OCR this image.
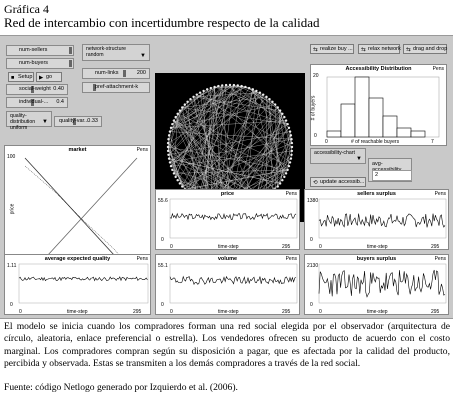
Gráfica 4
Red de intercambio con incertidumbre respecto de la calidad
num-sellers
num-buyers
social-weight 0.40
individual-... 0.4
■ Setup ▶ go
quality-distribution
uniform
▼ quality-var...
0.33
network-structure
random	▼
num-links	200
pref-attachment-k
market	Pens
100
price
⇆ realize buy ... ⇆ relax network ⇆ drag and drop
Accessibility Distribution	Pens
20
0
0	7
# of reachable buyers
# of buyers
accessibility-chart
▼
⟲ update accessib...
avg-
2
price	Pens
55.6
0
0	295
time-step
sellers surplus	Pens
1380
0
0	295
time-step
average expected quality	Pens
1.11
0
0	295
time-step
volume	Pens
55.1
0
0	295
time-step
buyers surplus	Pens
2130
0
0	295
time-step
El modelo se inicia cuando los compradores forman una red social elegida por el observador (arquitectura de círculo, aleatoria, enlace preferencial o estrella). Los vendedores ofrecen su producto de acuerdo con el costo marginal. Los compradores compran según su disposición a pagar, que es afectada por la calidad del producto, percibida y observada. Estas se transmiten a los demás compradores a través de la red social.
Fuente: código Netlogo generado por Izquierdo et al. (2006).
